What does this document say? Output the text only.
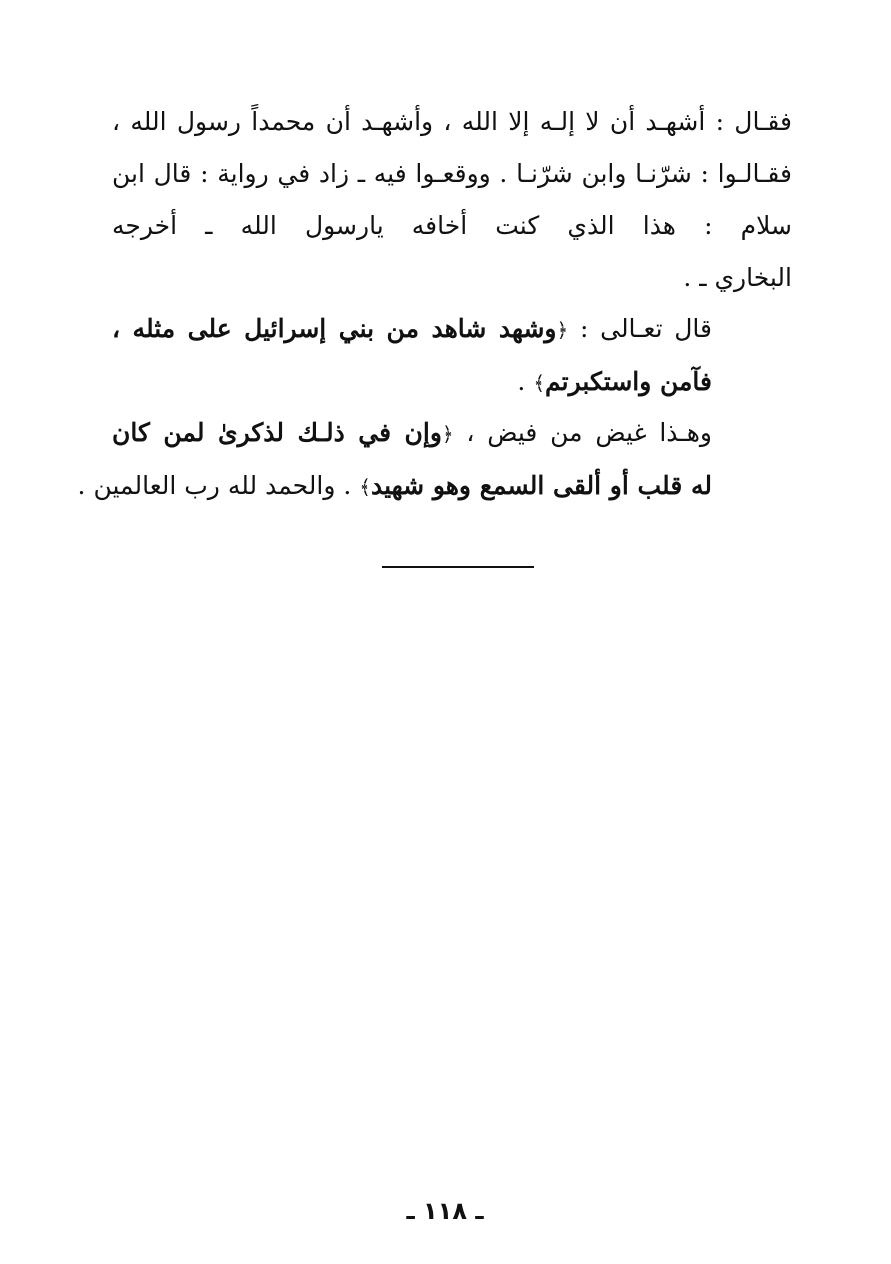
فقـال : أشهـد أن لا إلـه إلا الله ، وأشهـد أن محمداً رسول الله ،
فقـالـوا : شرّنـا وابن شرّنـا . ووقعـوا فيه ـ زاد في رواية : قال ابن
سلام : هذا الذي كنت أخافه يارسول الله ـ أخرجه
البخاري ـ .
قال تعـالى : ﴿وشهد شاهد من بني إسرائيل على مثله ،
فآمن واستكبرتم﴾ .
وهـذا غيض من فيض ، ﴿وإن في ذلـك لذكرىٰ لمن كان
له قلب أو ألقى السمع وهو شهيد﴾ . والحمد لله رب العالمين .
ـ ١١٨ ـ
